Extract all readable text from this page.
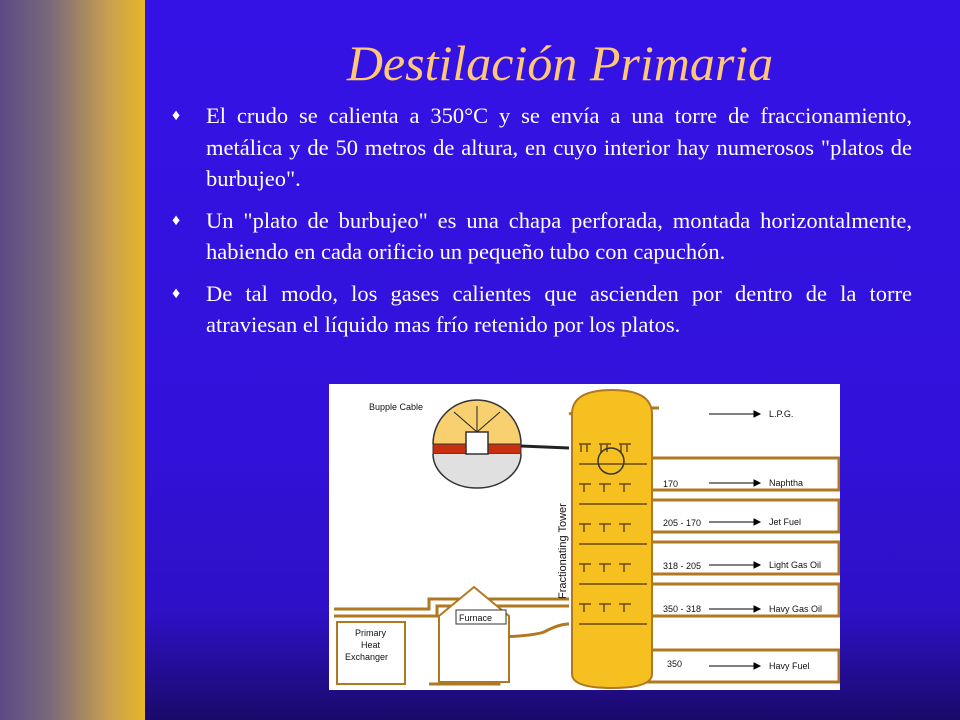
Destilación Primaria
♦ El crudo se calienta a 350°C y se envía a una torre de fraccionamiento, metálica y de 50 metros de altura, en cuyo interior hay numerosos "platos de burbujeo".
♦ Un "plato de burbujeo" es una chapa perforada, montada horizontalmente, habiendo en cada orificio un pequeño tubo con capuchón.
♦ De tal modo, los gases calientes que ascienden por dentro de la torre atraviesan el líquido mas frío retenido por los platos.
Fractionating Tower
Bupple Cable
Furnace
Primary
Heat
Exchanger
170
205 - 170
318 - 205
350 - 318
350
L.P.G.
Naphtha
Jet Fuel
Light Gas Oil
Havy Gas Oil
Havy Fuel
